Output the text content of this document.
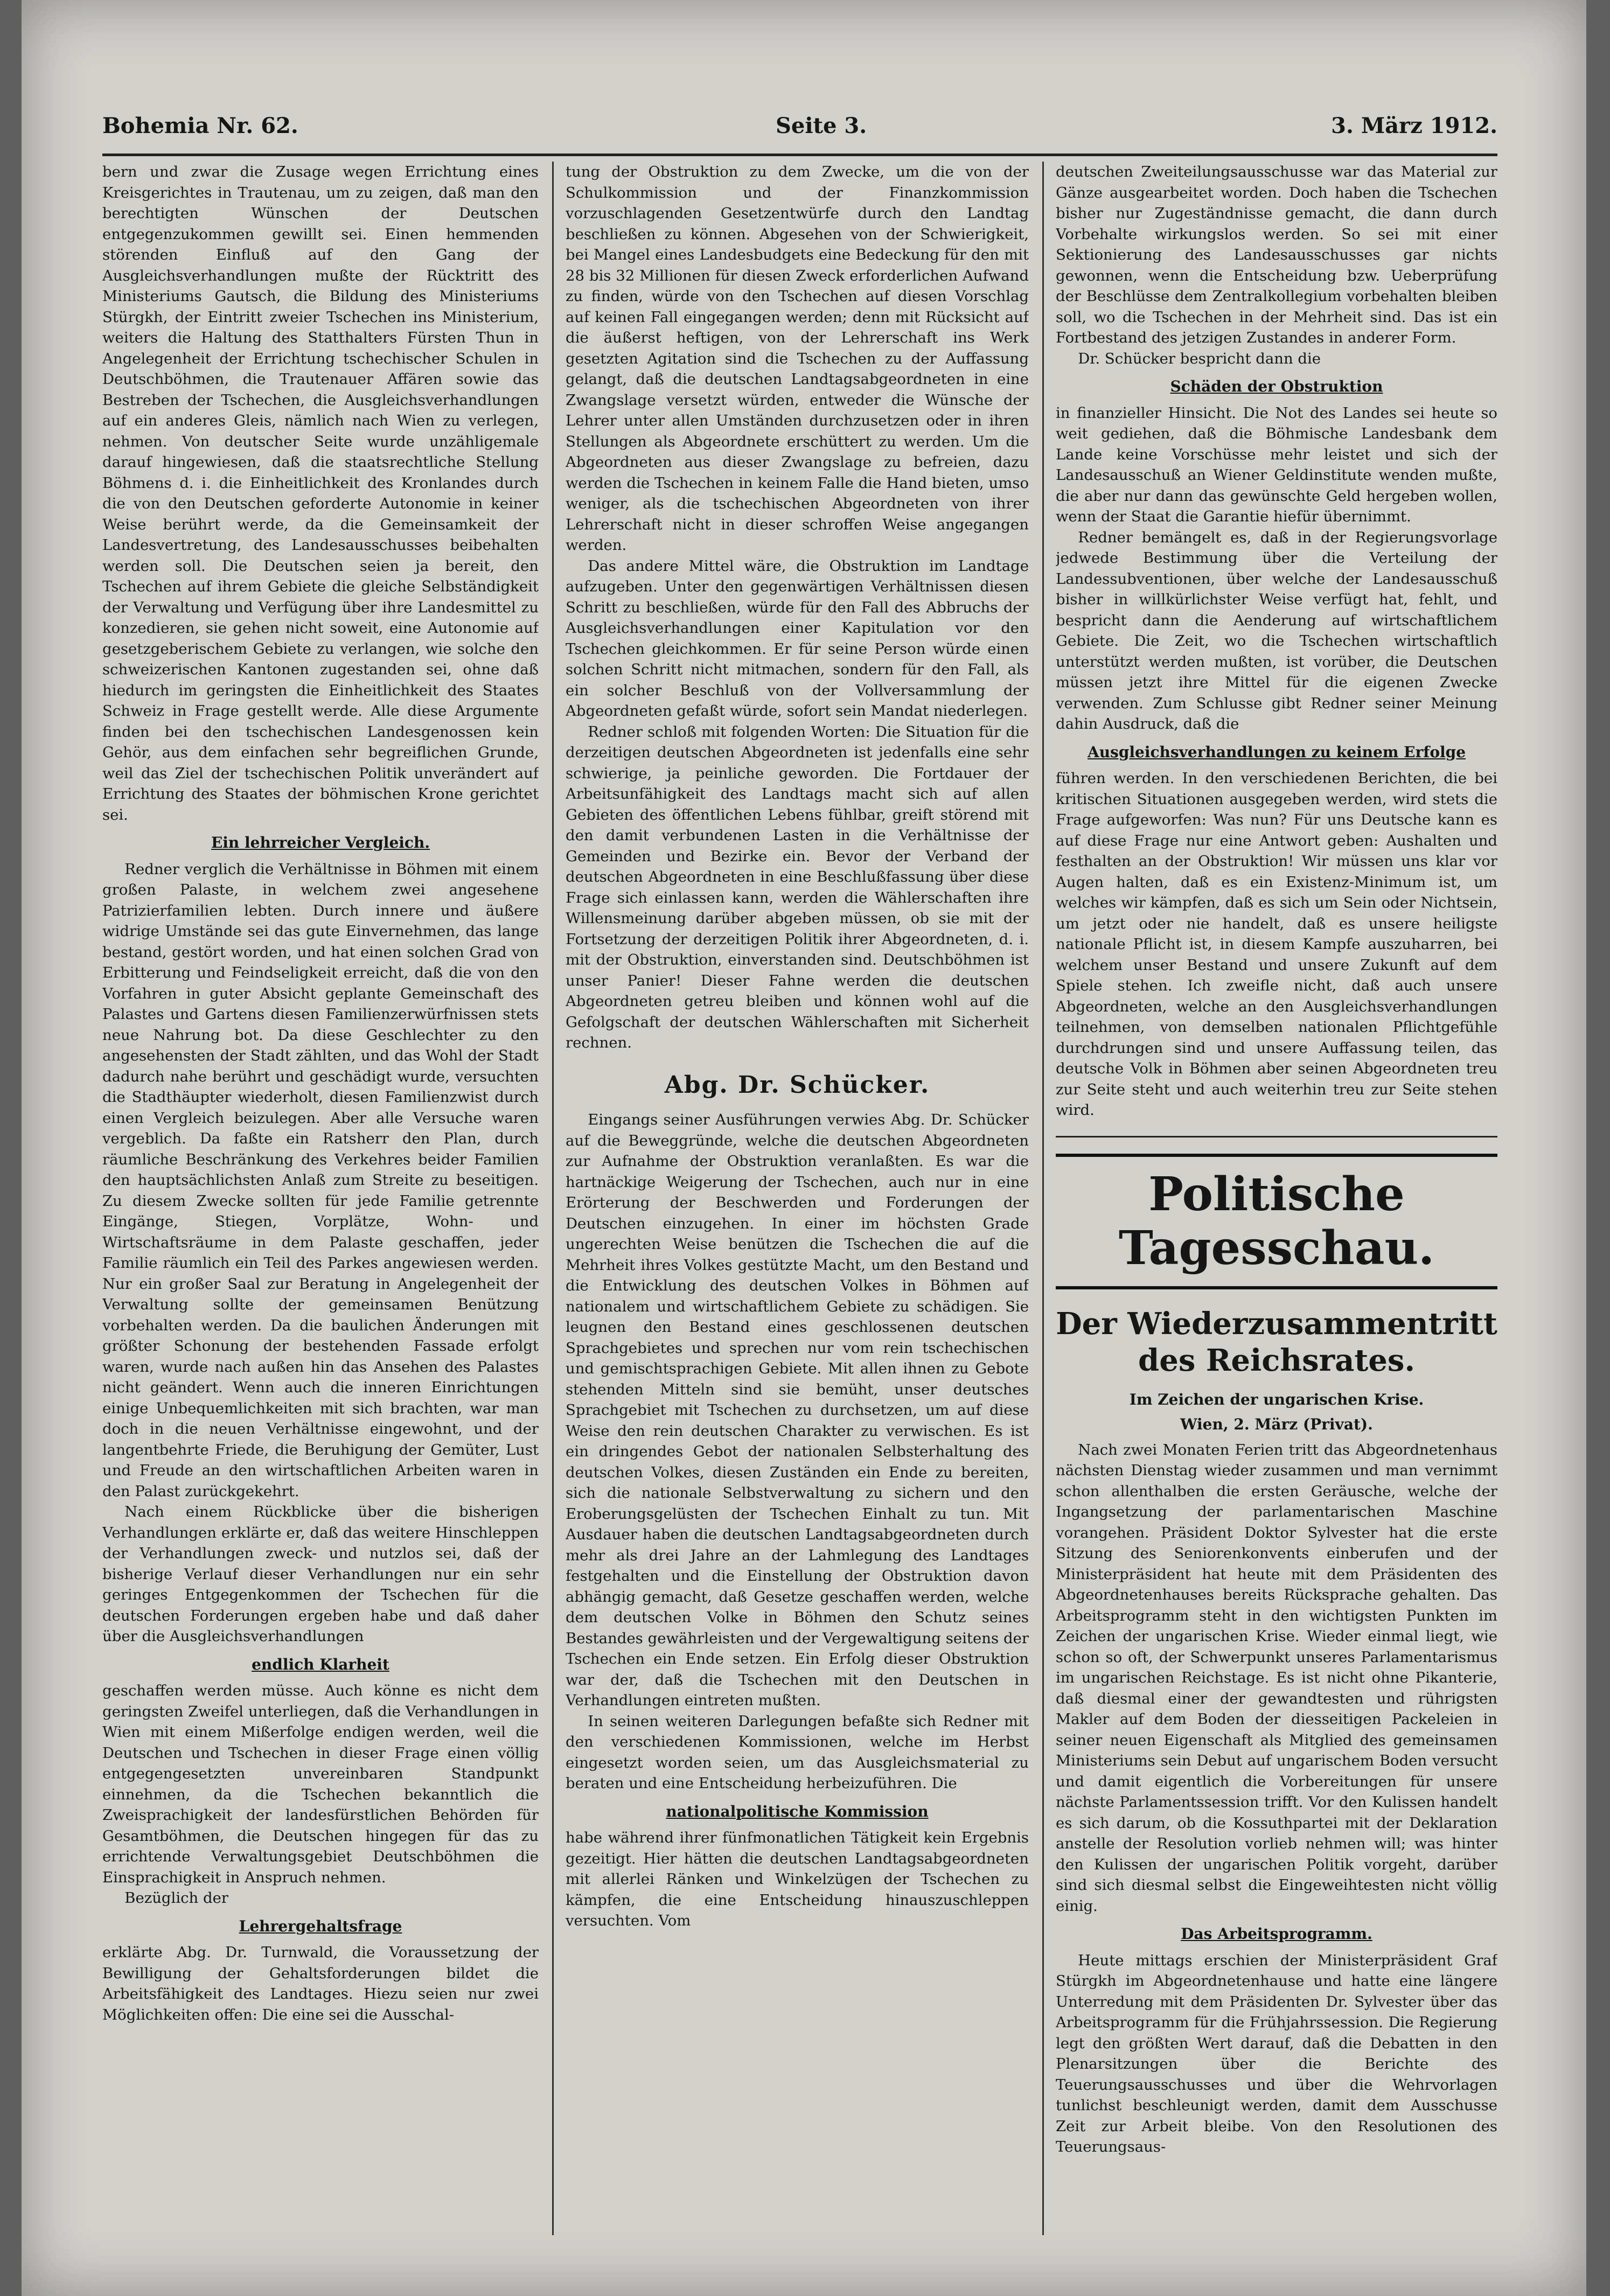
Bohemia Nr. 62.	Seite 3.	3. März 1912.

bern und zwar die Zusage wegen Errichtung eines Kreisgerichtes in Trautenau, um zu zeigen, daß man den berechtigten Wünschen der Deutschen entgegenzukommen gewillt sei. Einen hemmenden störenden Einfluß auf den Gang der Ausgleichsverhandlungen mußte der Rücktritt des Ministeriums Gautsch, die Bildung des Ministeriums Stürgkh, der Eintritt zweier Tschechen ins Ministerium, weiters die Haltung des Statthalters Fürsten Thun in Angelegenheit der Errichtung tschechischer Schulen in Deutschböhmen, die Trautenauer Affären sowie das Bestreben der Tschechen, die Ausgleichsverhandlungen auf ein anderes Gleis, nämlich nach Wien zu verlegen, nehmen. Von deutscher Seite wurde unzähligemale darauf hingewiesen, daß die staatsrechtliche Stellung Böhmens d. i. die Einheitlichkeit des Kronlandes durch die von den Deutschen geforderte Autonomie in keiner Weise berührt werde, da die Gemeinsamkeit der Landesvertretung, des Landesausschusses beibehalten werden soll. Die Deutschen seien ja bereit, den Tschechen auf ihrem Gebiete die gleiche Selbständigkeit der Verwaltung und Verfügung über ihre Landesmittel zu konzedieren, sie gehen nicht soweit, eine Autonomie auf gesetzgeberischem Gebiete zu verlangen, wie solche den schweizerischen Kantonen zugestanden sei, ohne daß hiedurch im geringsten die Einheitlichkeit des Staates Schweiz in Frage gestellt werde. Alle diese Argumente finden bei den tschechischen Landesgenossen kein Gehör, aus dem einfachen sehr begreiflichen Grunde, weil das Ziel der tschechischen Politik unverändert auf Errichtung des Staates der böhmischen Krone gerichtet sei.

Ein lehrreicher Vergleich.

Redner verglich die Verhältnisse in Böhmen mit einem großen Palaste, in welchem zwei angesehene Patrizierfamilien lebten. Durch innere und äußere widrige Umstände sei das gute Einvernehmen, das lange bestand, gestört worden, und hat einen solchen Grad von Erbitterung und Feindseligkeit erreicht, daß die von den Vorfahren in guter Absicht geplante Gemeinschaft des Palastes und Gartens diesen Familienzerwürfnissen stets neue Nahrung bot. Da diese Geschlechter zu den angesehensten der Stadt zählten, und das Wohl der Stadt dadurch nahe berührt und geschädigt wurde, versuchten die Stadthäupter wiederholt, diesen Familienzwist durch einen Vergleich beizulegen. Aber alle Versuche waren vergeblich. Da faßte ein Ratsherr den Plan, durch räumliche Beschränkung des Verkehres beider Familien den hauptsächlichsten Anlaß zum Streite zu beseitigen. Zu diesem Zwecke sollten für jede Familie getrennte Eingänge, Stiegen, Vorplätze, Wohn- und Wirtschaftsräume in dem Palaste geschaffen, jeder Familie räumlich ein Teil des Parkes angewiesen werden. Nur ein großer Saal zur Beratung in Angelegenheit der Verwaltung sollte der gemeinsamen Benützung vorbehalten werden. Da die baulichen Änderungen mit größter Schonung der bestehenden Fassade erfolgt waren, wurde nach außen hin das Ansehen des Palastes nicht geändert. Wenn auch die inneren Einrichtungen einige Unbequemlichkeiten mit sich brachten, war man doch in die neuen Verhältnisse eingewohnt, und der langentbehrte Friede, die Beruhigung der Gemüter, Lust und Freude an den wirtschaftlichen Arbeiten waren in den Palast zurückgekehrt.

Nach einem Rückblicke über die bisherigen Verhandlungen erklärte er, daß das weitere Hinschleppen der Verhandlungen zweck- und nutzlos sei, daß der bisherige Verlauf dieser Verhandlungen nur ein sehr geringes Entgegenkommen der Tschechen für die deutschen Forderungen ergeben habe und daß daher über die Ausgleichsverhandlungen

endlich Klarheit

geschaffen werden müsse. Auch könne es nicht dem geringsten Zweifel unterliegen, daß die Verhandlungen in Wien mit einem Mißerfolge endigen werden, weil die Deutschen und Tschechen in dieser Frage einen völlig entgegengesetzten unvereinbaren Standpunkt einnehmen, da die Tschechen bekanntlich die Zweisprachigkeit der landesfürstlichen Behörden für Gesamtböhmen, die Deutschen hingegen für das zu errichtende Verwaltungsgebiet Deutschböhmen die Einsprachigkeit in Anspruch nehmen.

Bezüglich der

Lehrergehaltsfrage

erklärte Abg. Dr. Turnwald, die Voraussetzung der Bewilligung der Gehaltsforderungen bildet die Arbeitsfähigkeit des Landtages. Hiezu seien nur zwei Möglichkeiten offen: Die eine sei die Ausschal-

tung der Obstruktion zu dem Zwecke, um die von der Schulkommission und der Finanzkommission vorzuschlagenden Gesetzentwürfe durch den Landtag beschließen zu können. Abgesehen von der Schwierigkeit, bei Mangel eines Landesbudgets eine Bedeckung für den mit 28 bis 32 Millionen für diesen Zweck erforderlichen Aufwand zu finden, würde von den Tschechen auf diesen Vorschlag auf keinen Fall eingegangen werden; denn mit Rücksicht auf die äußerst heftigen, von der Lehrerschaft ins Werk gesetzten Agitation sind die Tschechen zu der Auffassung gelangt, daß die deutschen Landtagsabgeordneten in eine Zwangslage versetzt würden, entweder die Wünsche der Lehrer unter allen Umständen durchzusetzen oder in ihren Stellungen als Abgeordnete erschüttert zu werden. Um die Abgeordneten aus dieser Zwangslage zu befreien, dazu werden die Tschechen in keinem Falle die Hand bieten, umso weniger, als die tschechischen Abgeordneten von ihrer Lehrerschaft nicht in dieser schroffen Weise angegangen werden.

Das andere Mittel wäre, die Obstruktion im Landtage aufzugeben. Unter den gegenwärtigen Verhältnissen diesen Schritt zu beschließen, würde für den Fall des Abbruchs der Ausgleichsverhandlungen einer Kapitulation vor den Tschechen gleichkommen. Er für seine Person würde einen solchen Schritt nicht mitmachen, sondern für den Fall, als ein solcher Beschluß von der Vollversammlung der Abgeordneten gefaßt würde, sofort sein Mandat niederlegen.

Redner schloß mit folgenden Worten: Die Situation für die derzeitigen deutschen Abgeordneten ist jedenfalls eine sehr schwierige, ja peinliche geworden. Die Fortdauer der Arbeitsunfähigkeit des Landtags macht sich auf allen Gebieten des öffentlichen Lebens fühlbar, greift störend mit den damit verbundenen Lasten in die Verhältnisse der Gemeinden und Bezirke ein. Bevor der Verband der deutschen Abgeordneten in eine Beschlußfassung über diese Frage sich einlassen kann, werden die Wählerschaften ihre Willensmeinung darüber abgeben müssen, ob sie mit der Fortsetzung der derzeitigen Politik ihrer Abgeordneten, d. i. mit der Obstruktion, einverstanden sind. Deutschböhmen ist unser Panier! Dieser Fahne werden die deutschen Abgeordneten getreu bleiben und können wohl auf die Gefolgschaft der deutschen Wählerschaften mit Sicherheit rechnen.

Abg. Dr. Schücker.

Eingangs seiner Ausführungen verwies Abg. Dr. Schücker auf die Beweggründe, welche die deutschen Abgeordneten zur Aufnahme der Obstruktion veranlaßten. Es war die hartnäckige Weigerung der Tschechen, auch nur in eine Erörterung der Beschwerden und Forderungen der Deutschen einzugehen. In einer im höchsten Grade ungerechten Weise benützen die Tschechen die auf die Mehrheit ihres Volkes gestützte Macht, um den Bestand und die Entwicklung des deutschen Volkes in Böhmen auf nationalem und wirtschaftlichem Gebiete zu schädigen. Sie leugnen den Bestand eines geschlossenen deutschen Sprachgebietes und sprechen nur vom rein tschechischen und gemischtsprachigen Gebiete. Mit allen ihnen zu Gebote stehenden Mitteln sind sie bemüht, unser deutsches Sprachgebiet mit Tschechen zu durchsetzen, um auf diese Weise den rein deutschen Charakter zu verwischen. Es ist ein dringendes Gebot der nationalen Selbsterhaltung des deutschen Volkes, diesen Zuständen ein Ende zu bereiten, sich die nationale Selbstverwaltung zu sichern und den Eroberungsgelüsten der Tschechen Einhalt zu tun. Mit Ausdauer haben die deutschen Landtagsabgeordneten durch mehr als drei Jahre an der Lahmlegung des Landtages festgehalten und die Einstellung der Obstruktion davon abhängig gemacht, daß Gesetze geschaffen werden, welche dem deutschen Volke in Böhmen den Schutz seines Bestandes gewährleisten und der Vergewaltigung seitens der Tschechen ein Ende setzen. Ein Erfolg dieser Obstruktion war der, daß die Tschechen mit den Deutschen in Verhandlungen eintreten mußten.

In seinen weiteren Darlegungen befaßte sich Redner mit den verschiedenen Kommissionen, welche im Herbst eingesetzt worden seien, um das Ausgleichsmaterial zu beraten und eine Entscheidung herbeizuführen. Die

nationalpolitische Kommission

habe während ihrer fünfmonatlichen Tätigkeit kein Ergebnis gezeitigt. Hier hätten die deutschen Landtagsabgeordneten mit allerlei Ränken und Winkelzügen der Tschechen zu kämpfen, die eine Entscheidung hinauszuschleppen versuchten. Vom

deutschen Zweiteilungsausschusse war das Material zur Gänze ausgearbeitet worden. Doch haben die Tschechen bisher nur Zugeständnisse gemacht, die dann durch Vorbehalte wirkungslos werden. So sei mit einer Sektionierung des Landesausschusses gar nichts gewonnen, wenn die Entscheidung bzw. Ueberprüfung der Beschlüsse dem Zentralkollegium vorbehalten bleiben soll, wo die Tschechen in der Mehrheit sind. Das ist ein Fortbestand des jetzigen Zustandes in anderer Form.

Dr. Schücker bespricht dann die

Schäden der Obstruktion

in finanzieller Hinsicht. Die Not des Landes sei heute so weit gediehen, daß die Böhmische Landesbank dem Lande keine Vorschüsse mehr leistet und sich der Landesausschuß an Wiener Geldinstitute wenden mußte, die aber nur dann das gewünschte Geld hergeben wollen, wenn der Staat die Garantie hiefür übernimmt.

Redner bemängelt es, daß in der Regierungsvorlage jedwede Bestimmung über die Verteilung der Landessubventionen, über welche der Landesausschuß bisher in willkürlichster Weise verfügt hat, fehlt, und bespricht dann die Aenderung auf wirtschaftlichem Gebiete. Die Zeit, wo die Tschechen wirtschaftlich unterstützt werden mußten, ist vorüber, die Deutschen müssen jetzt ihre Mittel für die eigenen Zwecke verwenden. Zum Schlusse gibt Redner seiner Meinung dahin Ausdruck, daß die

Ausgleichsverhandlungen zu keinem Erfolge

führen werden. In den verschiedenen Berichten, die bei kritischen Situationen ausgegeben werden, wird stets die Frage aufgeworfen: Was nun? Für uns Deutsche kann es auf diese Frage nur eine Antwort geben: Aushalten und festhalten an der Obstruktion! Wir müssen uns klar vor Augen halten, daß es ein Existenz-Minimum ist, um welches wir kämpfen, daß es sich um Sein oder Nichtsein, um jetzt oder nie handelt, daß es unsere heiligste nationale Pflicht ist, in diesem Kampfe auszuharren, bei welchem unser Bestand und unsere Zukunft auf dem Spiele stehen. Ich zweifle nicht, daß auch unsere Abgeordneten, welche an den Ausgleichsverhandlungen teilnehmen, von demselben nationalen Pflichtgefühle durchdrungen sind und unsere Auffassung teilen, das deutsche Volk in Böhmen aber seinen Abgeordneten treu zur Seite steht und auch weiterhin treu zur Seite stehen wird.

Politische Tagesschau.
Der Wiederzusammentritt des Reichsrates.
Im Zeichen der ungarischen Krise.
Wien, 2. März (Privat).

Nach zwei Monaten Ferien tritt das Abgeordnetenhaus nächsten Dienstag wieder zusammen und man vernimmt schon allenthalben die ersten Geräusche, welche der Ingangsetzung der parlamentarischen Maschine vorangehen. Präsident Doktor Sylvester hat die erste Sitzung des Seniorenkonvents einberufen und der Ministerpräsident hat heute mit dem Präsidenten des Abgeordnetenhauses bereits Rücksprache gehalten. Das Arbeitsprogramm steht in den wichtigsten Punkten im Zeichen der ungarischen Krise. Wieder einmal liegt, wie schon so oft, der Schwerpunkt unseres Parlamentarismus im ungarischen Reichstage. Es ist nicht ohne Pikanterie, daß diesmal einer der gewandtesten und rührigsten Makler auf dem Boden der diesseitigen Packeleien in seiner neuen Eigenschaft als Mitglied des gemeinsamen Ministeriums sein Debut auf ungarischem Boden versucht und damit eigentlich die Vorbereitungen für unsere nächste Parlamentssession trifft. Vor den Kulissen handelt es sich darum, ob die Kossuthpartei mit der Deklaration anstelle der Resolution vorlieb nehmen will; was hinter den Kulissen der ungarischen Politik vorgeht, darüber sind sich diesmal selbst die Eingeweihtesten nicht völlig einig.

Das Arbeitsprogramm.

Heute mittags erschien der Ministerpräsident Graf Stürgkh im Abgeordnetenhause und hatte eine längere Unterredung mit dem Präsidenten Dr. Sylvester über das Arbeitsprogramm für die Frühjahrssession. Die Regierung legt den größten Wert darauf, daß die Debatten in den Plenarsitzungen über die Berichte des Teuerungsausschusses und über die Wehrvorlagen tunlichst beschleunigt werden, damit dem Ausschusse Zeit zur Arbeit bleibe. Von den Resolutionen des Teuerungsaus-
